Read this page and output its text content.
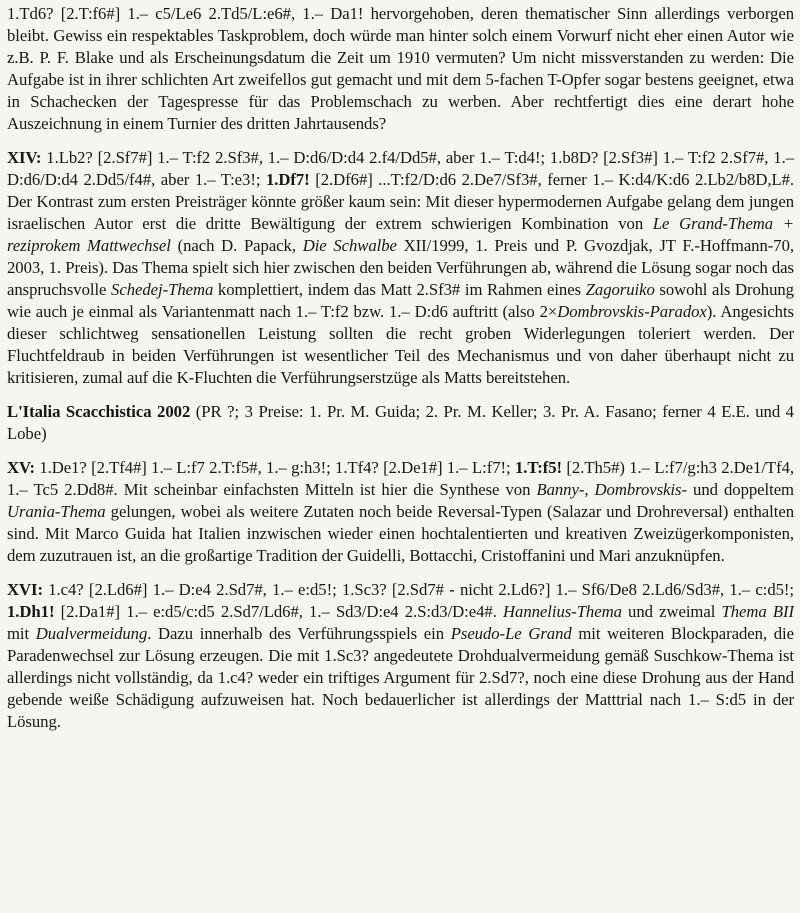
1.Td6? [2.T:f6#] 1.– c5/Le6 2.Td5/L:e6#, 1.– Da1! hervorgehoben, deren thematischer Sinn allerdings verborgen bleibt. Gewiss ein respektables Taskproblem, doch würde man hinter solch einem Vorwurf nicht eher einen Autor wie z.B. P. F. Blake und als Erscheinungsdatum die Zeit um 1910 vermuten? Um nicht missverstanden zu werden: Die Aufgabe ist in ihrer schlichten Art zweifellos gut gemacht und mit dem 5-fachen T-Opfer sogar bestens geeignet, etwa in Schachecken der Tagespresse für das Problemschach zu werben. Aber rechtfertigt dies eine derart hohe Auszeichnung in einem Turnier des dritten Jahrtausends?

XIV: 1.Lb2? [2.Sf7#] 1.– T:f2 2.Sf3#, 1.– D:d6/D:d4 2.f4/Dd5#, aber 1.– T:d4!; 1.b8D? [2.Sf3#] 1.– T:f2 2.Sf7#, 1.– D:d6/D:d4 2.Dd5/f4#, aber 1.– T:e3!; 1.Df7! [2.Df6#] ...T:f2/D:d6 2.De7/Sf3#, ferner 1.– K:d4/K:d6 2.Lb2/b8D,L#. Der Kontrast zum ersten Preisträger könnte größer kaum sein: Mit dieser hypermodernen Aufgabe gelang dem jungen israelischen Autor erst die dritte Bewältigung der extrem schwierigen Kombination von Le Grand-Thema + reziprokem Mattwechsel (nach D. Papack, Die Schwalbe XII/1999, 1. Preis und P. Gvozdjak, JT F.-Hoffmann-70, 2003, 1. Preis). Das Thema spielt sich hier zwischen den beiden Verführungen ab, während die Lösung sogar noch das anspruchsvolle Schedej-Thema komplettiert, indem das Matt 2.Sf3# im Rahmen eines Zagoruiko sowohl als Drohung wie auch je einmal als Variantenmatt nach 1.– T:f2 bzw. 1.– D:d6 auftritt (also 2×Dombrovskis-Paradox). Angesichts dieser schlichtweg sensationellen Leistung sollten die recht groben Widerlegungen toleriert werden. Der Fluchtfeldraub in beiden Verführungen ist wesentlicher Teil des Mechanismus und von daher überhaupt nicht zu kritisieren, zumal auf die K-Fluchten die Verführungserstzüge als Matts bereitstehen.

L'Italia Scacchistica 2002 (PR ?; 3 Preise: 1. Pr. M. Guida; 2. Pr. M. Keller; 3. Pr. A. Fasano; ferner 4 E.E. und 4 Lobe)

XV: 1.De1? [2.Tf4#] 1.– L:f7 2.T:f5#, 1.– g:h3!; 1.Tf4? [2.De1#] 1.– L:f7!; 1.T:f5! [2.Th5#) 1.– L:f7/g:h3 2.De1/Tf4, 1.– Tc5 2.Dd8#. Mit scheinbar einfachsten Mitteln ist hier die Synthese von Banny-, Dombrovskis- und doppeltem Urania-Thema gelungen, wobei als weitere Zutaten noch beide Reversal-Typen (Salazar und Drohreversal) enthalten sind. Mit Marco Guida hat Italien inzwischen wieder einen hochtalentierten und kreativen Zweizügerkomponisten, dem zuzutrauen ist, an die großartige Tradition der Guidelli, Bottacchi, Cristoffanini und Mari anzuknüpfen.

XVI: 1.c4? [2.Ld6#] 1.– D:e4 2.Sd7#, 1.– e:d5!; 1.Sc3? [2.Sd7# - nicht 2.Ld6?] 1.– Sf6/De8 2.Ld6/Sd3#, 1.– c:d5!; 1.Dh1! [2.Da1#] 1.– e:d5/c:d5 2.Sd7/Ld6#, 1.– Sd3/D:e4 2.S:d3/D:e4#. Hannelius-Thema und zweimal Thema BII mit Dualvermeidung. Dazu innerhalb des Verführungsspiels ein Pseudo-Le Grand mit weiteren Blockparaden, die Paradenwechsel zur Lösung erzeugen. Die mit 1.Sc3? angedeutete Drohdualvermeidung gemäß Suschkow-Thema ist allerdings nicht vollständig, da 1.c4? weder ein triftiges Argument für 2.Sd7?, noch eine diese Drohung aus der Hand gebende weiße Schädigung aufzuweisen hat. Noch bedauerlicher ist allerdings der Matttrial nach 1.– S:d5 in der Lösung.
